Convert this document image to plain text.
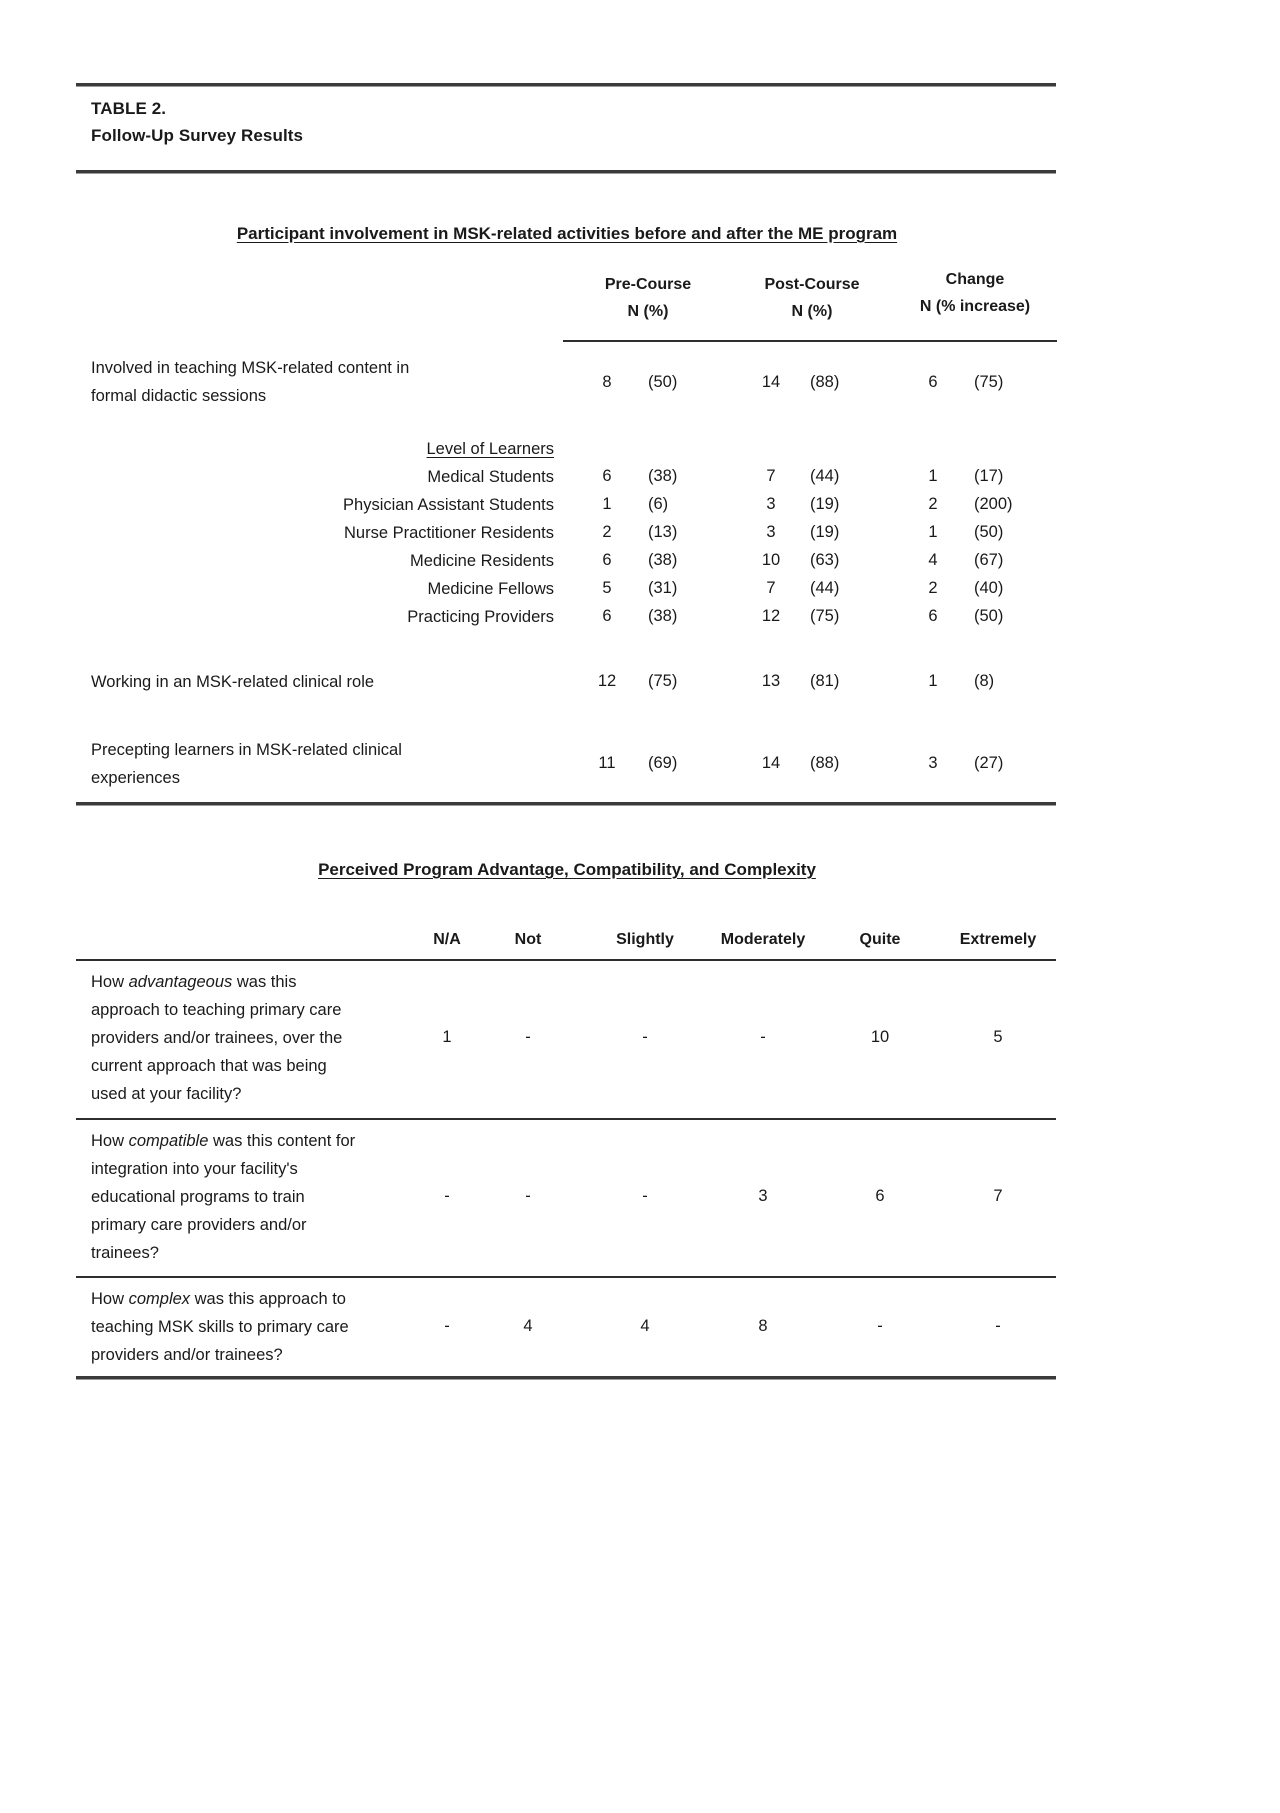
TABLE 2.
Follow-Up Survey Results
Participant involvement in MSK-related activities before and after the ME program
Pre-Course
N (%)
Post-Course
N (%)
Change
N (% increase)
Involved in teaching MSK-related content in
formal didactic sessions
8	(50)	14	(88)	6	(75)
Level of Learners
Medical Students	6	(38)	7	(44)	1	(17)
Physician Assistant Students	1	(6)	3	(19)	2	(200)
Nurse Practitioner Residents	2	(13)	3	(19)	1	(50)
Medicine Residents	6	(38)	10	(63)	4	(67)
Medicine Fellows	5	(31)	7	(44)	2	(40)
Practicing Providers	6	(38)	12	(75)	6	(50)
Working in an MSK-related clinical role	12	(75)	13	(81)	1	(8)
Precepting learners in MSK-related clinical
experiences
11	(69)	14	(88)	3	(27)
Perceived Program Advantage, Compatibility, and Complexity
N/A	Not	Slightly	Moderately	Quite	Extremely
How advantageous was this
approach to teaching primary care
providers and/or trainees, over the
current approach that was being
used at your facility?
1	-	-	-	10	5
How compatible was this content for
integration into your facility's
educational programs to train
primary care providers and/or
trainees?
-	-	-	3	6	7
How complex was this approach to
teaching MSK skills to primary care
providers and/or trainees?
-	4	4	8	-	-
